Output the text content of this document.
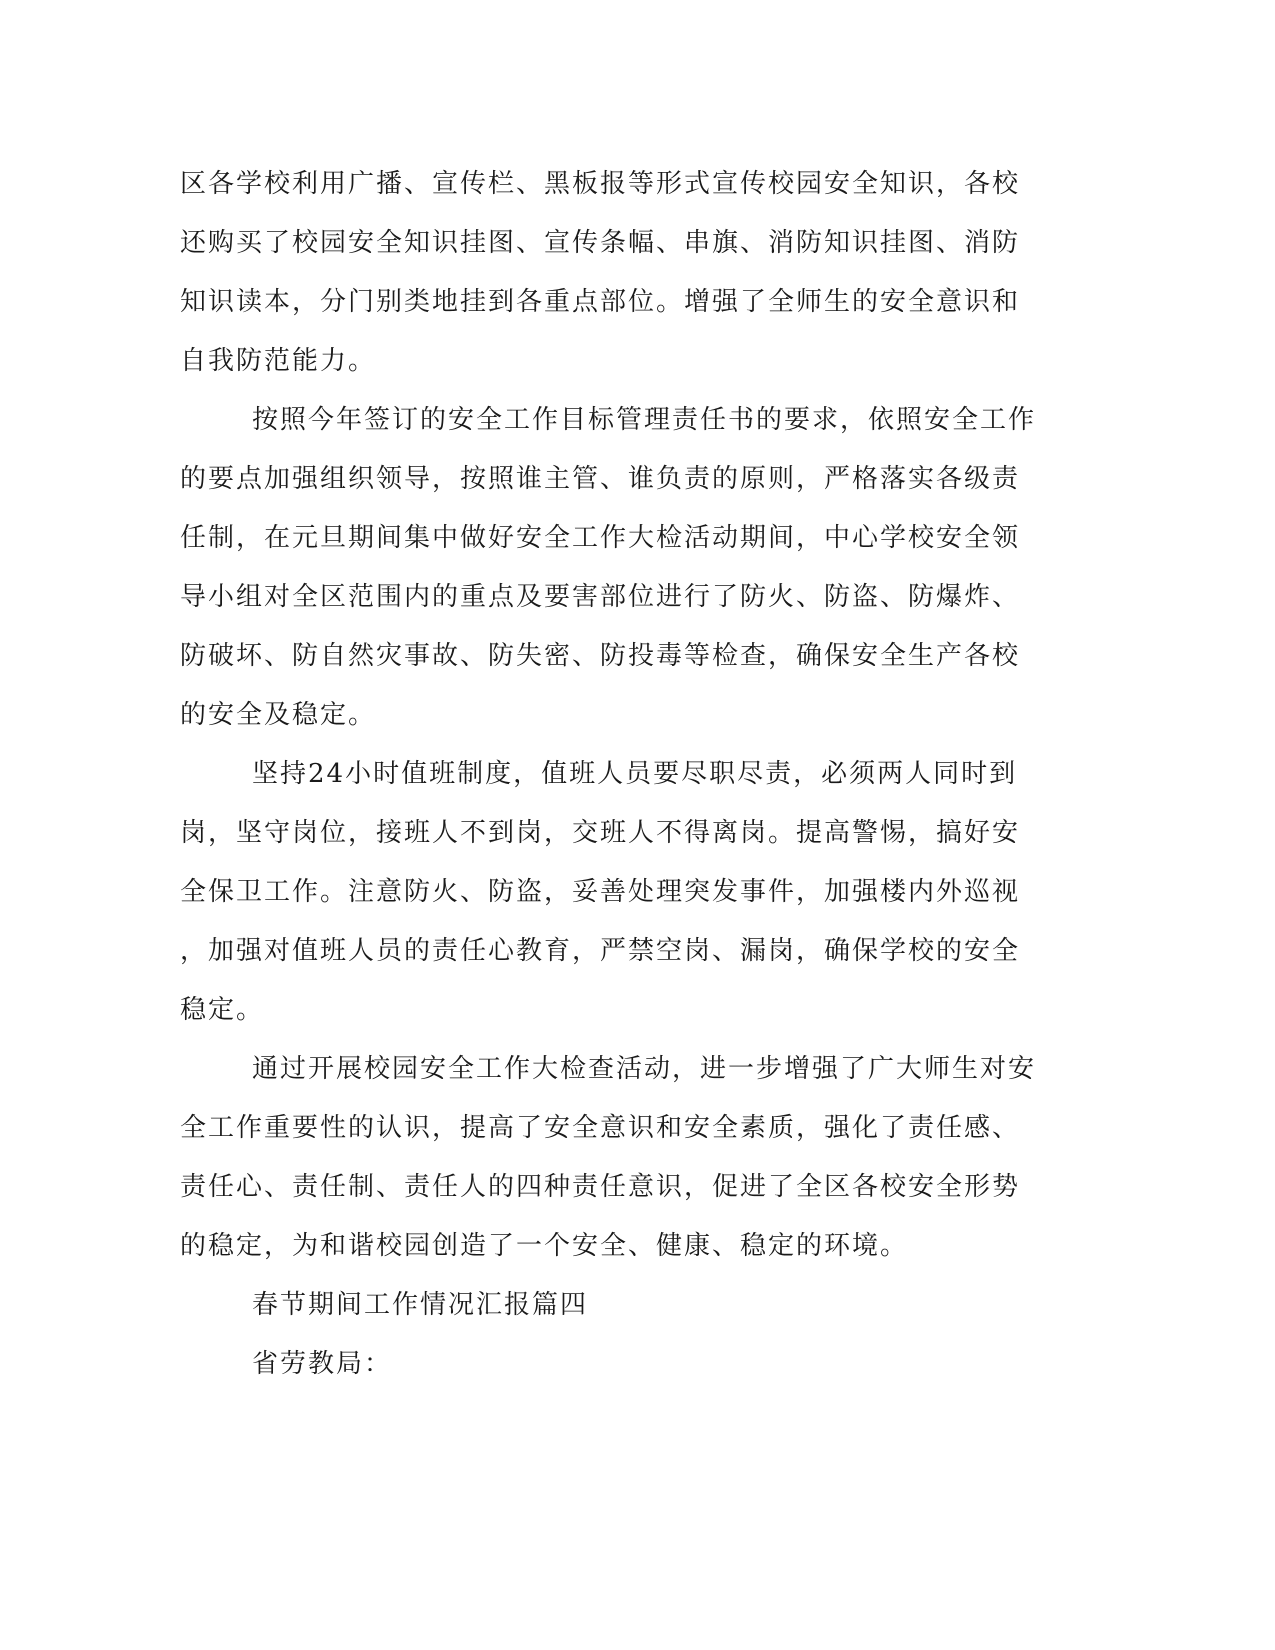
区各学校利用广播、宣传栏、黑板报等形式宣传校园安全知识，各校
还购买了校园安全知识挂图、宣传条幅、串旗、消防知识挂图、消防
知识读本，分门别类地挂到各重点部位。增强了全师生的安全意识和
自我防范能力。
按照今年签订的安全工作目标管理责任书的要求，依照安全工作
的要点加强组织领导，按照谁主管、谁负责的原则，严格落实各级责
任制，在元旦期间集中做好安全工作大检活动期间，中心学校安全领
导小组对全区范围内的重点及要害部位进行了防火、防盗、防爆炸、
防破坏、防自然灾事故、防失密、防投毒等检查，确保安全生产各校
的安全及稳定。
坚持24小时值班制度，值班人员要尽职尽责，必须两人同时到
岗，坚守岗位，接班人不到岗，交班人不得离岗。提高警惕，搞好安
全保卫工作。注意防火、防盗，妥善处理突发事件，加强楼内外巡视
，加强对值班人员的责任心教育，严禁空岗、漏岗，确保学校的安全
稳定。
通过开展校园安全工作大检查活动，进一步增强了广大师生对安
全工作重要性的认识，提高了安全意识和安全素质，强化了责任感、
责任心、责任制、责任人的四种责任意识，促进了全区各校安全形势
的稳定，为和谐校园创造了一个安全、健康、稳定的环境。
春节期间工作情况汇报篇四
省劳教局：
